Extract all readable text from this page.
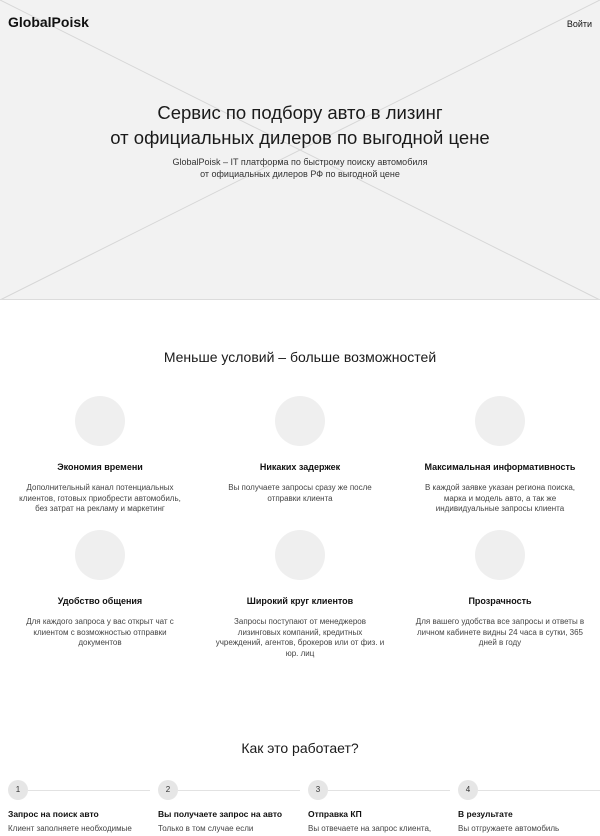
GlobalPoisk	Войти
Сервис по подбору авто в лизинг
от официальных дилеров по выгодной цене
GlobalPoisk – IT платформа по быстрому поиску автомобиля
от официальных дилеров РФ по выгодной цене
Меньше условий – больше возможностей
Экономия времени
Дополнительный канал потенциальных клиентов, готовых приобрести автомобиль, без затрат на рекламу и маркетинг
Никаких задержек
Вы получаете запросы сразу же после отправки клиента
Максимальная информативность
В каждой заявке указан региона поиска, марка и модель авто, а так же индивидуальные запросы клиента
Удобство общения
Для каждого запроса у вас открыт чат с клиентом с возможностью отправки документов
Широкий круг клиентов
Запросы поступают от менеджеров лизинговых компаний, кредитных учреждений, агентов, брокеров или от физ. и юр. лиц
Прозрачность
Для вашего удобства все запросы и ответы в личном кабинете видны 24 часа в сутки, 365 дней в году
Как это работает?
1
Запрос на поиск авто
Клиент заполняете необходимые
2
Вы получаете запрос на авто
Только в том случае если
3
Отправка КП
Вы отвечаете на запрос клиента,
4
В результате
Вы отгружаете автомобиль
